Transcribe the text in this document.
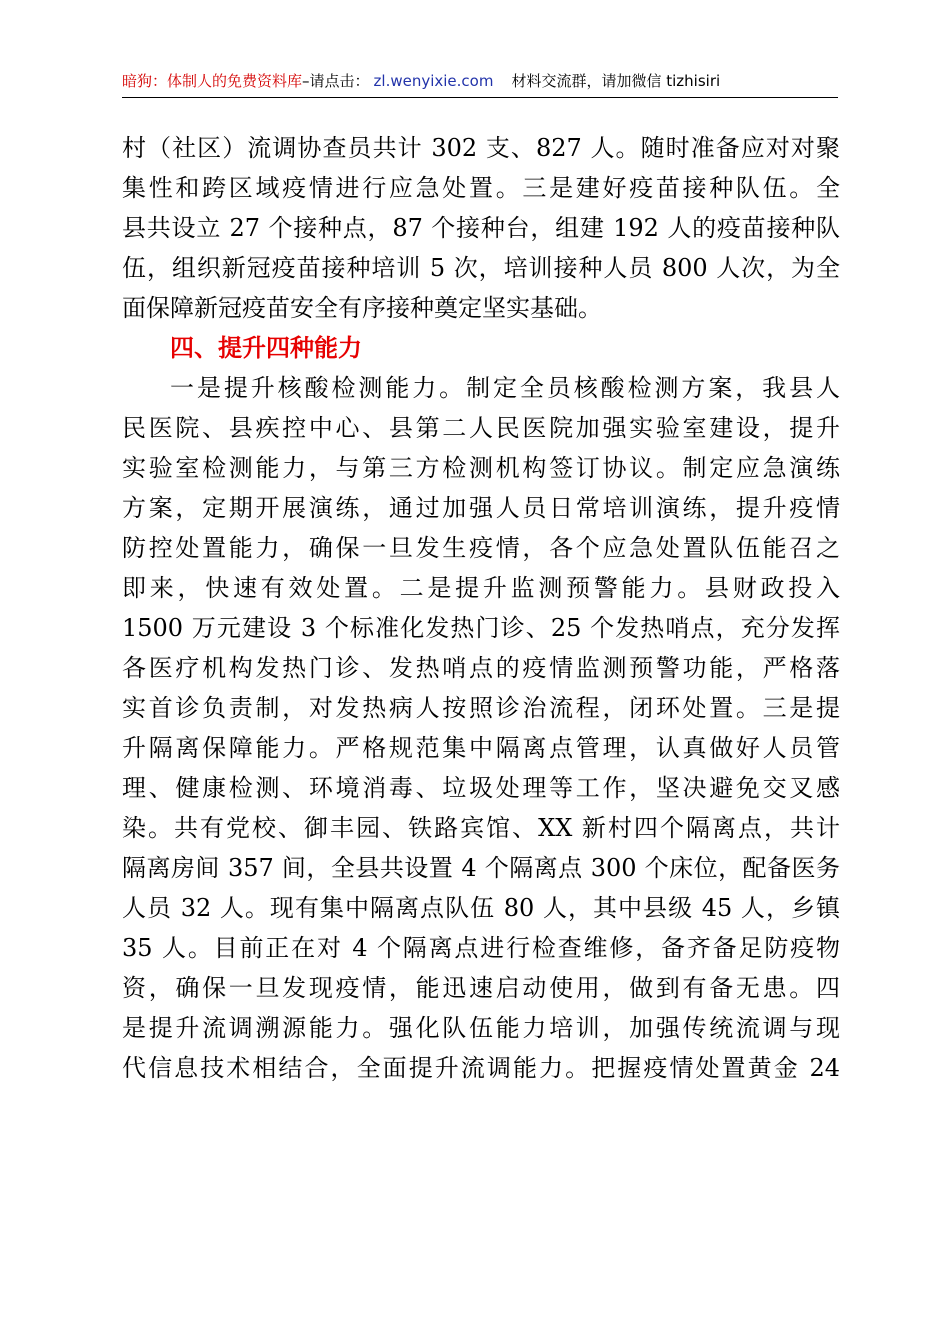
暗狗：体制人的免费资料库–请点击： zl.wenyixie.com 材料交流群，请加微信 tizhisiri
村（社区）流调协查员共计 302 支、827 人。随时准备应对对聚
集性和跨区域疫情进行应急处置。三是建好疫苗接种队伍。全
县共设立 27 个接种点，87 个接种台，组建 192 人的疫苗接种队
伍，组织新冠疫苗接种培训 5 次，培训接种人员 800 人次，为全
面保障新冠疫苗安全有序接种奠定坚实基础。
四、提升四种能力
一是提升核酸检测能力。制定全员核酸检测方案，我县人
民医院、县疾控中心、县第二人民医院加强实验室建设，提升
实验室检测能力，与第三方检测机构签订协议。制定应急演练
方案，定期开展演练，通过加强人员日常培训演练，提升疫情
防控处置能力，确保一旦发生疫情，各个应急处置队伍能召之
即来，快速有效处置。二是提升监测预警能力。县财政投入
1500 万元建设 3 个标准化发热门诊、25 个发热哨点，充分发挥
各医疗机构发热门诊、发热哨点的疫情监测预警功能，严格落
实首诊负责制，对发热病人按照诊治流程，闭环处置。三是提
升隔离保障能力。严格规范集中隔离点管理，认真做好人员管
理、健康检测、环境消毒、垃圾处理等工作，坚决避免交叉感
染。共有党校、御丰园、铁路宾馆、XX 新村四个隔离点，共计
隔离房间 357 间，全县共设置 4 个隔离点 300 个床位，配备医务
人员 32 人。现有集中隔离点队伍 80 人，其中县级 45 人，乡镇
35 人。目前正在对 4 个隔离点进行检查维修，备齐备足防疫物
资，确保一旦发现疫情，能迅速启动使用，做到有备无患。四
是提升流调溯源能力。强化队伍能力培训，加强传统流调与现
代信息技术相结合，全面提升流调能力。把握疫情处置黄金 24
